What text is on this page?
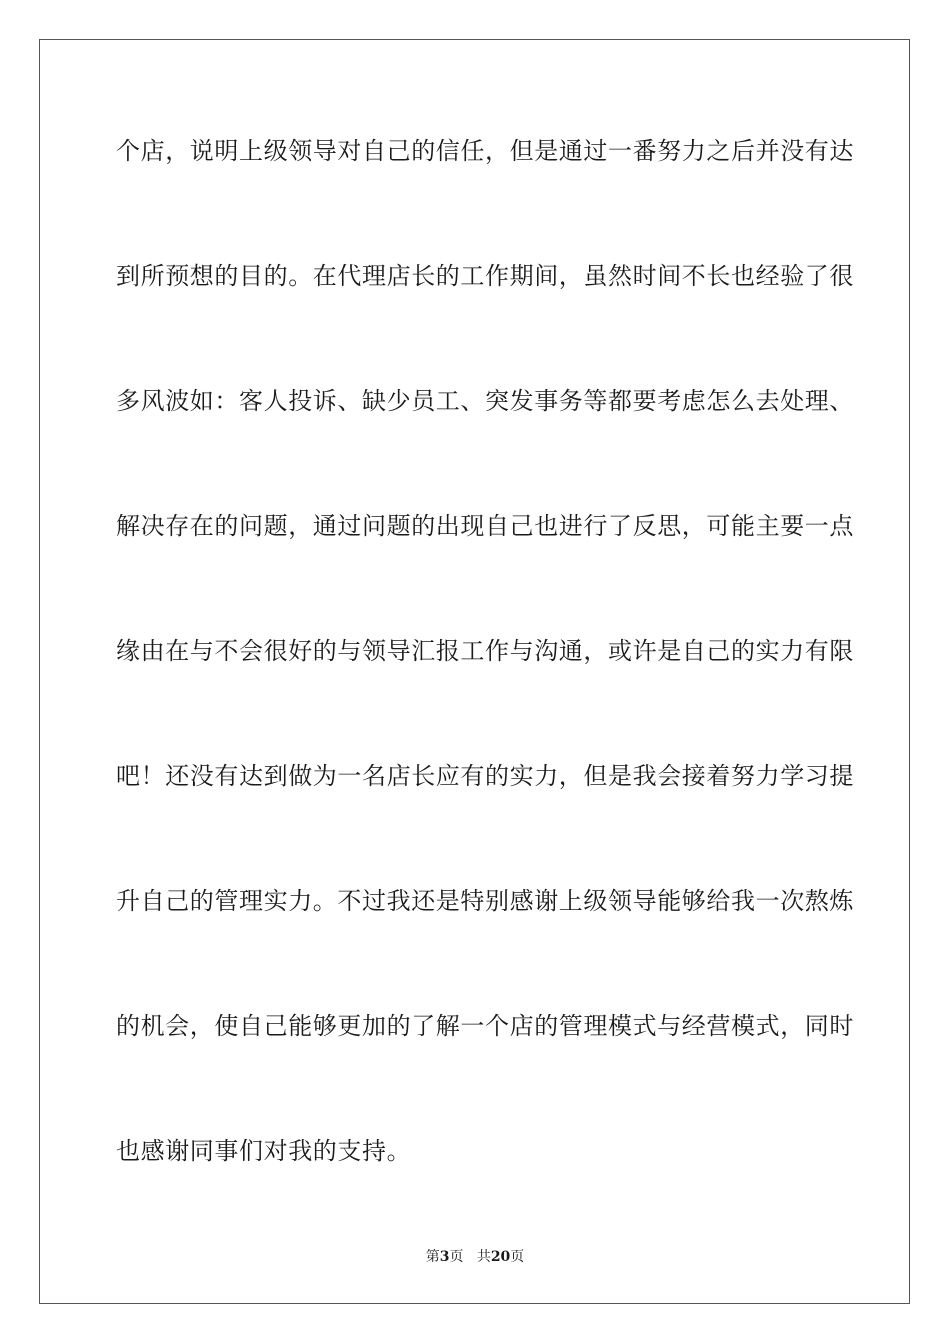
个店，说明上级领导对自己的信任，但是通过一番努力之后并没有达
到所预想的目的。在代理店长的工作期间，虽然时间不长也经验了很
多风波如：客人投诉、缺少员工、突发事务等都要考虑怎么去处理、
解决存在的问题，通过问题的出现自己也进行了反思，可能主要一点
缘由在与不会很好的与领导汇报工作与沟通，或许是自己的实力有限
吧！还没有达到做为一名店长应有的实力，但是我会接着努力学习提
升自己的管理实力。不过我还是特别感谢上级领导能够给我一次熬炼
的机会，使自己能够更加的了解一个店的管理模式与经营模式，同时
也感谢同事们对我的支持。
第3页 共20页
